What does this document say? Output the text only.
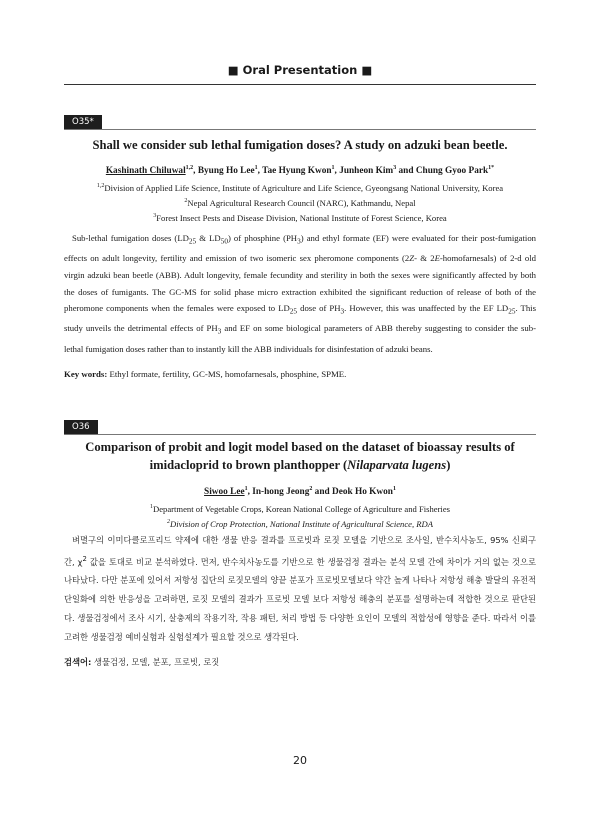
■ Oral Presentation ■
O35*
Shall we consider sub lethal fumigation doses? A study on adzuki bean beetle.
Kashinath Chiluwal$^{1,2}$, Byung Ho Lee$^1$, Tae Hyung Kwon$^1$, Junheon Kim$^3$ and Chung Gyoo Park$^{1*}$
$^{1,2}$Division of Applied Life Science, Institute of Agriculture and Life Science, Gyeongsang National University, Korea
$^2$Nepal Agricultural Research Council (NARC), Kathmandu, Nepal
$^3$Forest Insect Pests and Disease Division, National Institute of Forest Science, Korea
Sub-lethal fumigation doses ($LD_{25}$ & $LD_{50}$) of phosphine $(PH_3)$ and ethyl formate (EF) were evaluated for their post-fumigation effects on adult longevity, fertility and emission of two isomeric sex pheromone components (2Z- & 2E-homofarnesals) of 2-d old virgin adzuki bean beetle (ABB). Adult longevity, female fecundity and sterility in both the sexes were significantly affected by both the doses of fumigants. The GC-MS for solid phase micro extraction exhibited the significant reduction of release of both of the pheromone components when the females were exposed to $LD_{25}$ dose of $PH_3$. However, this was unaffected by the EF $LD_{25}$. This study unveils the detrimental effects of $PH_3$ and EF on some biological parameters of ABB thereby suggesting to consider the sub-lethal fumigation doses rather than to instantly kill the ABB individuals for disinfestation of adzuki beans.
Key words: Ethyl formate, fertility, GC-MS, homofarnesals, phosphine, SPME.
O36
Comparison of probit and logit model based on the dataset of bioassay results of
imidacloprid to brown planthopper (Nilaparvata lugens)
Siwoo Lee$^1$, In-hong Jeong$^2$ and Deok Ho Kwon$^1$
$^1$Department of Vegetable Crops, Korean National College of Agriculture and Fisheries
$^2$Division of Crop Protection, National Institute of Agricultural Science, RDA
벼멸구의 이미다클로프리드 약제에 대한 생물 반응 결과를 프로빗과 로짓 모델을 기반으로 조사일, 반수치사농도, 95% 신뢰구간, $\chi^2$ 값을 토대로 비교 분석하였다. 먼저, 반수치사농도를 기반으로 한 생물검정 결과는 분석 모델 간에 차이가 거의 없는 것으로 나타났다. 다만 분포에 있어서 저항성 집단의 로짓모델의 양끝 분포가 프로빗모델보다 약간 높게 나타나 저항성 해충 발달의 유전적 단일화에 의한 반응성을 고려하면, 로짓 모델의 결과가 프로빗 모델 보다 저항성 해충의 분포를 설명하는데 적합한 것으로 판단된다. 생물검정에서 조사 시기, 살충제의 작용기작, 작용 패턴, 처리 방법 등 다양한 요인이 모델의 적합성에 영향을 준다. 따라서 이를 고려한 생물검정 예비실험과 실험설계가 필요할 것으로 생각된다.
검색어: 생물검정, 모델, 분포, 프로빗, 로짓
20
